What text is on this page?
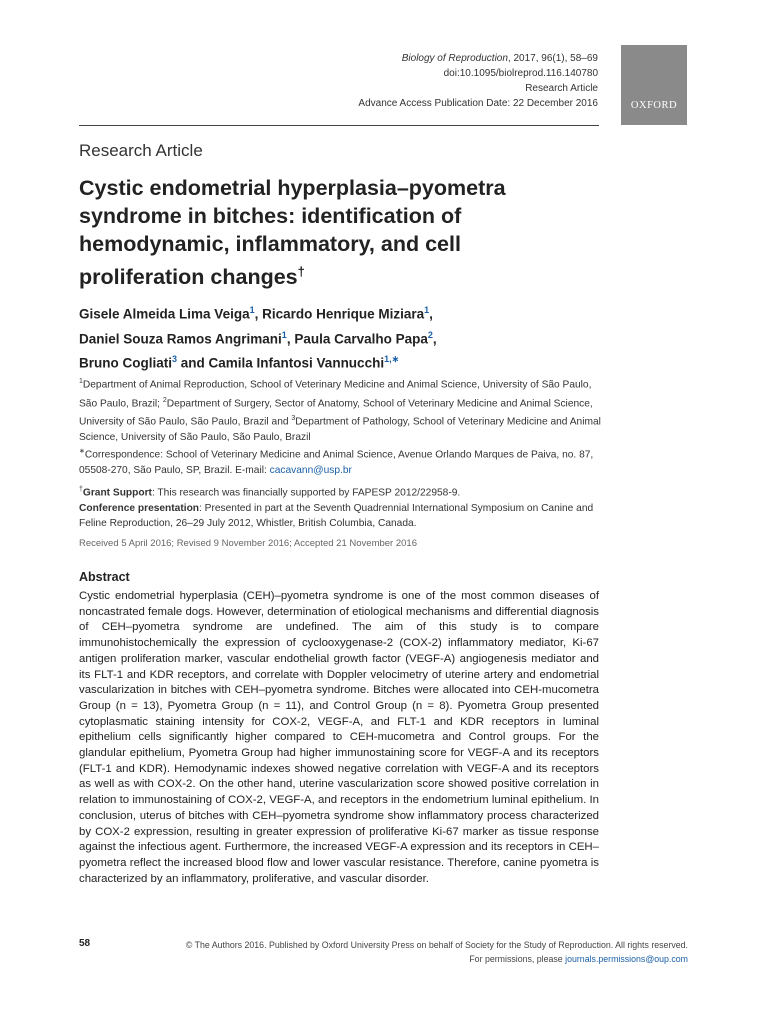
Biology of Reproduction, 2017, 96(1), 58–69
doi:10.1095/biolreprod.116.140780
Research Article
Advance Access Publication Date: 22 December 2016	OXFORD
Research Article
Cystic endometrial hyperplasia–pyometra syndrome in bitches: identification of hemodynamic, inflammatory, and cell proliferation changes†
Gisele Almeida Lima Veiga$^1$, Ricardo Henrique Miziara$^1$,
Daniel Souza Ramos Angrimani$^1$, Paula Carvalho Papa$^2$,
Bruno Cogliati$^3$ and Camila Infantosi Vannucchi$^{1,∗}$
$^1$Department of Animal Reproduction, School of Veterinary Medicine and Animal Science, University of São Paulo, São Paulo, Brazil; $^2$Department of Surgery, Sector of Anatomy, School of Veterinary Medicine and Animal Science, University of São Paulo, São Paulo, Brazil and $^3$Department of Pathology, School of Veterinary Medicine and Animal Science, University of São Paulo, São Paulo, Brazil
∗Correspondence: School of Veterinary Medicine and Animal Science, Avenue Orlando Marques de Paiva, no. 87, 05508-270, São Paulo, SP, Brazil. E-mail: cacavann@usp.br
†Grant Support: This research was financially supported by FAPESP 2012/22958-9.
Conference presentation: Presented in part at the Seventh Quadrennial International Symposium on Canine and Feline Reproduction, 26–29 July 2012, Whistler, British Columbia, Canada.
Received 5 April 2016; Revised 9 November 2016; Accepted 21 November 2016
Abstract
Cystic endometrial hyperplasia (CEH)–pyometra syndrome is one of the most common diseases of noncastrated female dogs. However, determination of etiological mechanisms and differential diagnosis of CEH–pyometra syndrome are undefined. The aim of this study is to compare immunohistochemically the expression of cyclooxygenase-2 (COX-2) inflammatory mediator, Ki-67 antigen proliferation marker, vascular endothelial growth factor (VEGF-A) angiogenesis mediator and its FLT-1 and KDR receptors, and correlate with Doppler velocimetry of uterine artery and endometrial vascularization in bitches with CEH–pyometra syndrome. Bitches were allocated into CEH-mucometra Group (n = 13), Pyometra Group (n = 11), and Control Group (n = 8). Pyometra Group presented cytoplasmatic staining intensity for COX-2, VEGF-A, and FLT-1 and KDR receptors in luminal epithelium cells significantly higher compared to CEH-mucometra and Control groups. For the glandular epithelium, Pyometra Group had higher immunostaining score for VEGF-A and its receptors (FLT-1 and KDR). Hemodynamic indexes showed negative correlation with VEGF-A and its receptors as well as with COX-2. On the other hand, uterine vascularization score showed positive correlation in relation to immunostaining of COX-2, VEGF-A, and receptors in the endometrium luminal epithelium. In conclusion, uterus of bitches with CEH–pyometra syndrome show inflammatory process characterized by COX-2 expression, resulting in greater expression of proliferative Ki-67 marker as tissue response against the infectious agent. Furthermore, the increased VEGF-A expression and its receptors in CEH–pyometra reflect the increased blood flow and lower vascular resistance. Therefore, canine pyometra is characterized by an inflammatory, proliferative, and vascular disorder.
58	© The Authors 2016. Published by Oxford University Press on behalf of Society for the Study of Reproduction. All rights reserved. For permissions, please journals.permissions@oup.com
